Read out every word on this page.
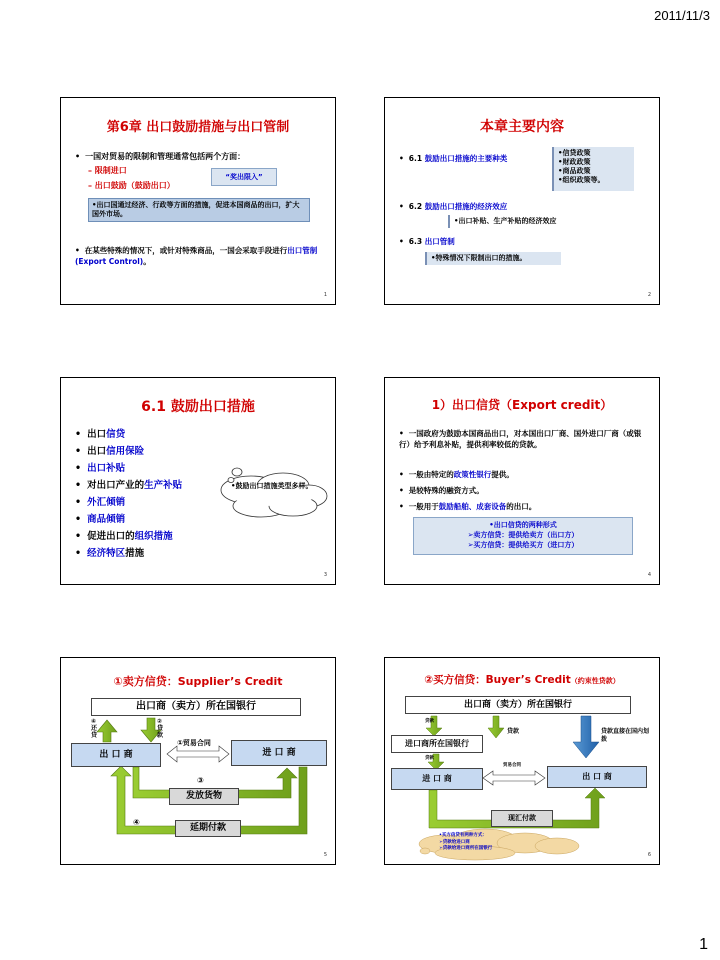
2011/11/3
第6章 出口鼓励措施与出口管制
• 一国对贸易的限制和管理通常包括两个方面：
– 限制进口
– 出口鼓励（鼓励出口）
“奖出限入”
•出口国通过经济、行政等方面的措施，促进本国商品的出口，扩大国外市场。
• 在某些特殊的情况下，或针对特殊商品，一国会采取手段进行出口管制(Export Control)。
1
本章主要内容
• 6.1 鼓励出口措施的主要种类
•信贷政策
•财政政策
•商品政策
•组织政策等。
• 6.2 鼓励出口措施的经济效应
•出口补贴、生产补贴的经济效应
• 6.3 出口管制
•特殊情况下限制出口的措施。
2
6.1 鼓励出口措施
• 出口信贷
• 出口信用保险
• 出口补贴
• 对出口产业的生产补贴
• 外汇倾销
• 商品倾销
• 促进出口的组织措施
• 经济特区措施
•鼓励出口措施类型多样。
3
1）出口信贷（Export credit）
• 一国政府为鼓励本国商品出口，对本国出口厂商、国外进口厂商（或银行）给予利息补贴，提供利率较低的贷款。
• 一般由特定的政策性银行提供。
• 是较特殊的融资方式。
• 一般用于鼓励船舶、成套设备的出口。
•出口信贷的两种形式
➢卖方信贷：提供给卖方（出口方）
➢买方信贷：提供给买方（进口方）
4
①卖方信贷：Supplier’s Credit
出口商（卖方）所在国银行
④还贷
②贷款
出 口 商
①贸易合同
进 口 商
③
发放货物
④
延期付款
5
②买方信贷：Buyer’s Credit（约束性贷款）
出口商（卖方）所在国银行
贷款
贷款	贷款直接在国内划拨
进口商所在国银行
贷款
贸易合同
进 口 商	出 口 商
现汇付款
•买方信贷有两种方式：
➢贷款给进口商
➢贷款给进口商所在国银行
6
1
